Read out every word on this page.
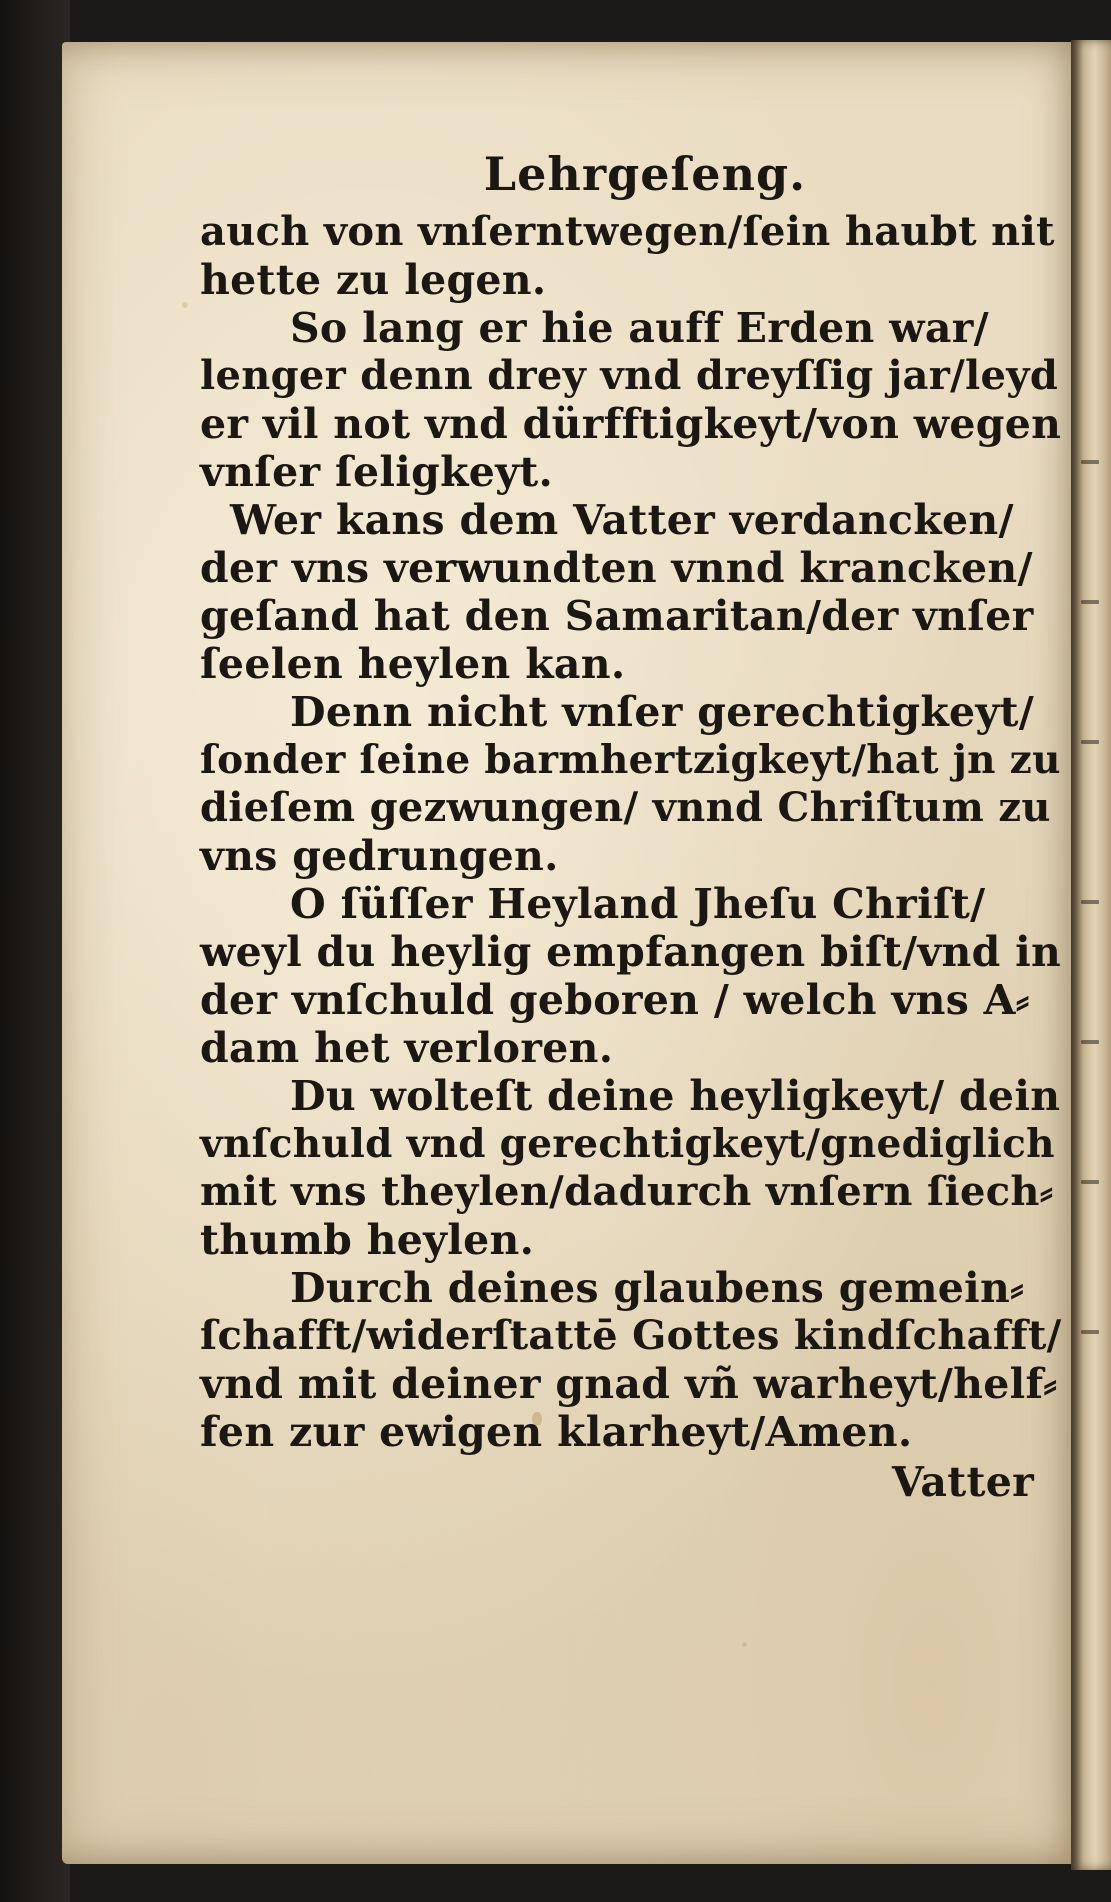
Lehrgeſeng.
auch von vnſerntwegen/ſein haubt nit
hette zu legen.
So lang er hie auff Erden war/
lenger denn drey vnd dreyſſig jar/leyd
er vil not vnd dürfftigkeyt/von wegen
vnſer ſeligkeyt.
Wer kans dem Vatter verdancken/
der vns verwundten vnnd krancken/
geſand hat den Samaritan/der vnſer
ſeelen heylen kan.
Denn nicht vnſer gerechtigkeyt/
ſonder ſeine barmhertzigkeyt/hat jn zu
dieſem gezwungen/ vnnd Chriſtum zu
vns gedrungen.
O ſüſſer Heyland Jheſu Chriſt/
weyl du heylig empfangen biſt/vnd in
der vnſchuld geboren / welch vns A⸗
dam het verloren.
Du wolteſt deine heyligkeyt/ dein
vnſchuld vnd gerechtigkeyt/gnediglich
mit vns theylen/dadurch vnſern ſiech⸗
thumb heylen.
Durch deines glaubens gemein⸗
ſchafft/widerſtattē Gottes kindſchafft/
vnd mit deiner gnad vñ warheyt/helf⸗
fen zur ewigen klarheyt/Amen.
Vatter
